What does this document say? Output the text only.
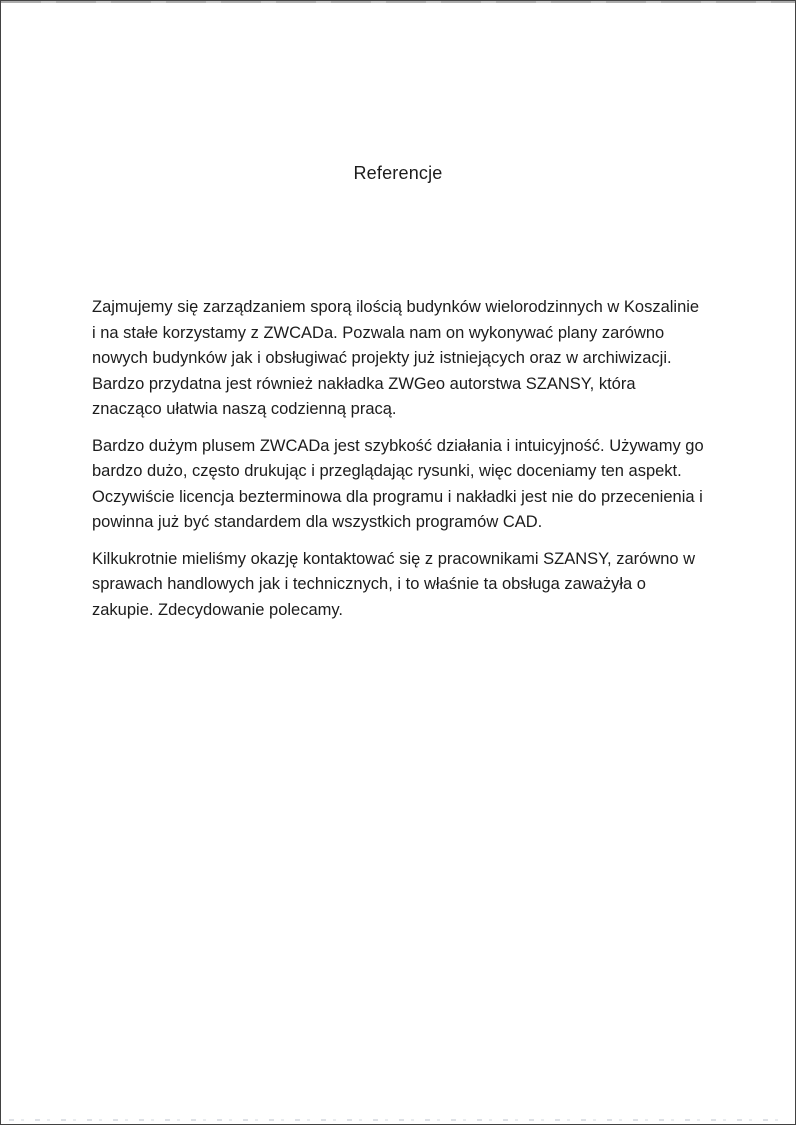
Referencje

Zajmujemy się zarządzaniem sporą ilością budynków wielorodzinnych w Koszalinie i na stałe korzystamy z ZWCADa. Pozwala nam on wykonywać plany zarówno nowych budynków jak i obsługiwać projekty już istniejących oraz w archiwizacji. Bardzo przydatna jest również nakładka ZWGeo autorstwa SZANSY, która znacząco ułatwia naszą codzienną pracą.

Bardzo dużym plusem ZWCADa jest szybkość działania i intuicyjność. Używamy go bardzo dużo, często drukując i przeglądając rysunki, więc doceniamy ten aspekt. Oczywiście licencja bezterminowa dla programu i nakładki jest nie do przecenienia i powinna już być standardem dla wszystkich programów CAD.

Kilkukrotnie mieliśmy okazję kontaktować się z pracownikami SZANSY, zarówno w sprawach handlowych jak i technicznych, i to właśnie ta obsługa zaważyła o zakupie. Zdecydowanie polecamy.
